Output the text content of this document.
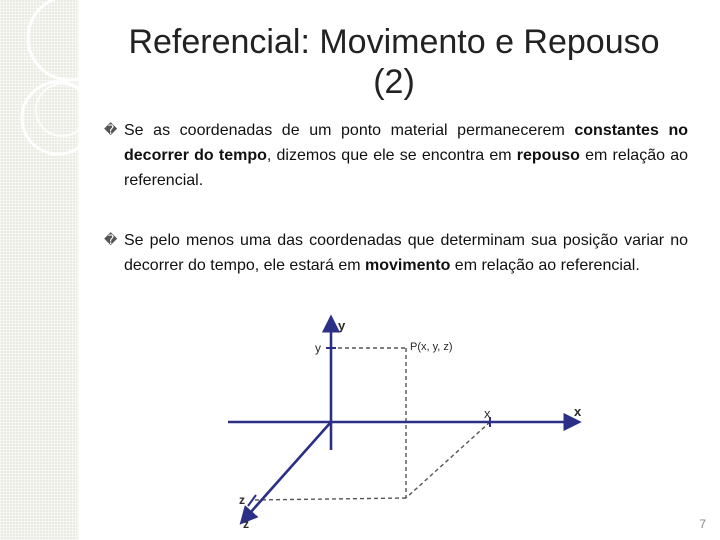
Referencial: Movimento e Repouso
(2)
� Se as coordenadas de um ponto material permanecerem constantes no decorrer do tempo, dizemos que ele se encontra em repouso em relação ao referencial.
� Se pelo menos uma das coordenadas que determinam sua posição variar no decorrer do tempo, ele estará em movimento em relação ao referencial.
y
y	P(x, y, z)
x	x
z
z	7
